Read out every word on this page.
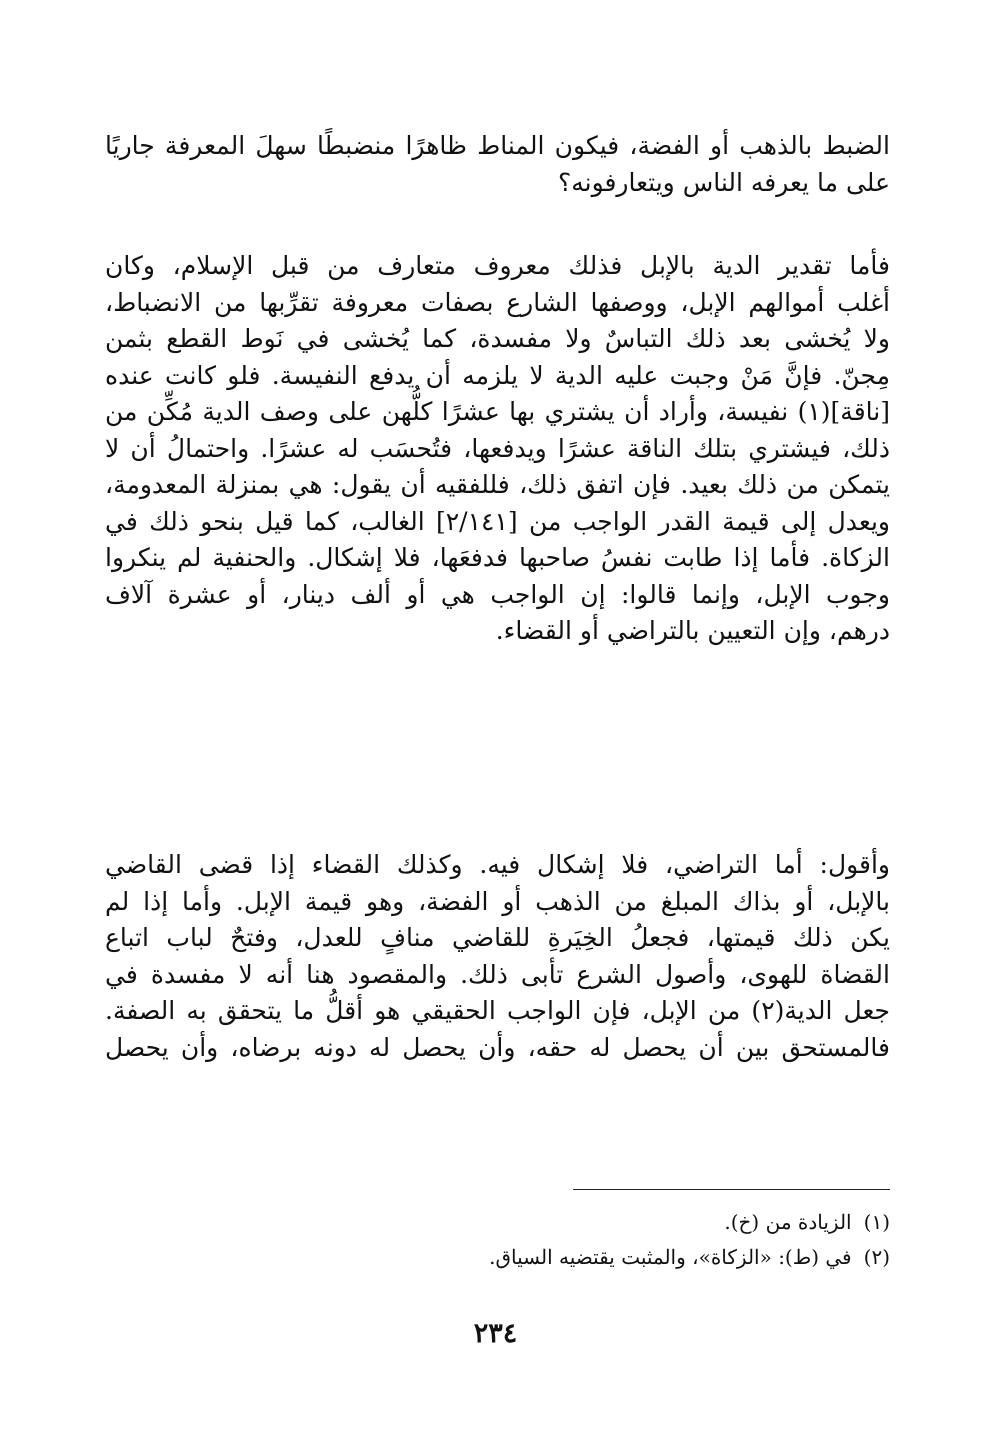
الضبط بالذهب أو الفضة، فيكون المناط ظاهرًا منضبطًا سهلَ المعرفة جاريًا
على ما يعرفه الناس ويتعارفونه؟
فأما تقدير الدية بالإبل فذلك معروف متعارف من قبل الإسلام، وكان
أغلب أموالهم الإبل، ووصفها الشارع بصفات معروفة تقرِّبها من الانضباط،
ولا يُخشى بعد ذلك التباسٌ ولا مفسدة، كما يُخشى في نَوط القطع بثمن
مِجنّ. فإنَّ مَنْ وجبت عليه الدية لا يلزمه أن يدفع النفيسة. فلو كانت عنده
[ناقة](١) نفيسة، وأراد أن يشتري بها عشرًا كلُّهن على وصف الدية مُكِّن من
ذلك، فيشتري بتلك الناقة عشرًا ويدفعها، فتُحسَب له عشرًا. واحتمالُ أن لا
يتمكن من ذلك بعيد. فإن اتفق ذلك، فللفقيه أن يقول: هي بمنزلة المعدومة،
ويعدل إلى قيمة القدر الواجب من [٢/١٤١] الغالب، كما قيل بنحو ذلك في
الزكاة. فأما إذا طابت نفسُ صاحبها فدفعَها، فلا إشكال. والحنفية لم ينكروا
وجوب الإبل، وإنما قالوا: إن الواجب هي أو ألف دينار، أو عشرة آلاف
درهم، وإن التعيين بالتراضي أو القضاء.
وأقول: أما التراضي، فلا إشكال فيه. وكذلك القضاء إذا قضى القاضي
بالإبل، أو بذاك المبلغ من الذهب أو الفضة، وهو قيمة الإبل. وأما إذا لم
يكن ذلك قيمتها، فجعلُ الخِيَرةِ للقاضي منافٍ للعدل، وفتحٌ لباب اتباع
القضاة للهوى، وأصول الشرع تأبى ذلك. والمقصود هنا أنه لا مفسدة في
جعل الدية(٢) من الإبل، فإن الواجب الحقيقي هو أقلُّ ما يتحقق به الصفة.
فالمستحق بين أن يحصل له حقه، وأن يحصل له دونه برضاه، وأن يحصل
(١)الزيادة من (خ).
(٢)في (ط): «الزكاة»، والمثبت يقتضيه السياق.
٢٣٤
